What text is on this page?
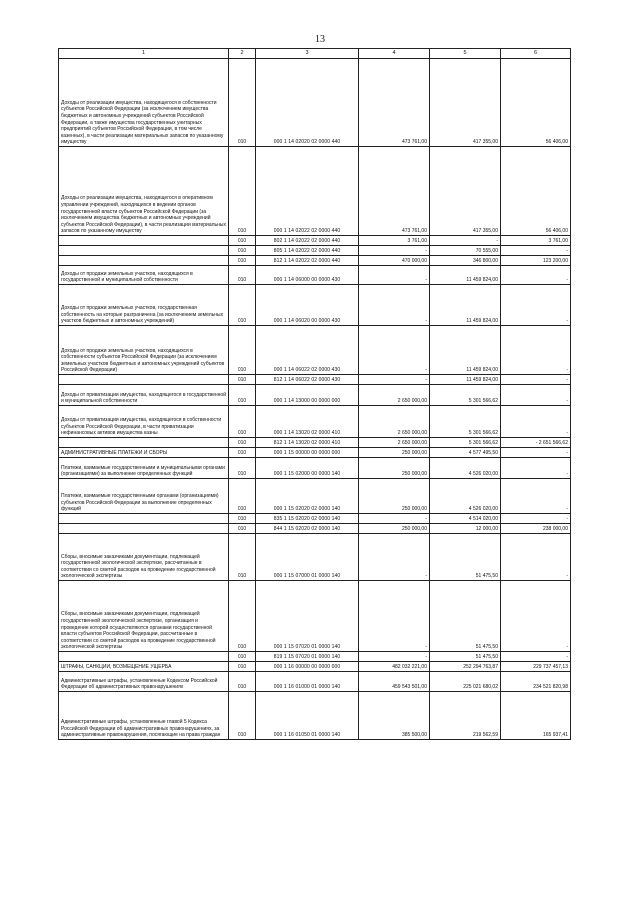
13
1	2	3	4	5	6
Доходы от реализации имущества, находящегося в собственности субъектов Российской Федерации (за исключением имущества бюджетных и автономных учреждений субъектов Российской Федерации, а также имущества государственных унитарных предприятий субъектов Российской Федерации, в том числе казенных), в части реализации материальных запасов по указанному имуществу	010	000 1 14 02020 02 0000 440	473 761,00	417 355,00	56 406,00
Доходы от реализации имущества, находящегося в оперативном управлении учреждений, находящихся в ведении органов государственной власти субъектов Российской Федерации (за исключением имущества бюджетных и автономных учреждений субъектов Российской Федерации), в части реализации материальных запасов по указанному имуществу	010	000 1 14 02022 02 0000 440	473 761,00	417 355,00	56 406,00
	010	802 1 14 02022 02 0000 440	3 761,00	-	3 761,00
	010	805 1 14 02022 02 0000 440	-	70 555,00	-
	010	812 1 14 02022 02 0000 440	470 000,00	346 800,00	123 200,00
Доходы от продажи земельных участков, находящихся в государственной и муниципальной собственности	010	000 1 14 06000 00 0000 430	-	11 459 824,00	-
Доходы от продажи земельных участков, государственная собственность на которые разграничена (за исключением земельных участков бюджетных и автономных учреждений)	010	000 1 14 06020 00 0000 430	-	11 459 824,00	-
Доходы от продажи земельных участков, находящихся в собственности субъектов Российской Федерации (за исключением земельных участков бюджетных и автономных учреждений субъектов Российской Федерации)	010	000 1 14 06022 02 0000 430	-	11 459 824,00	-
	010	812 1 14 06022 02 0000 430	-	11 459 824,00	-
Доходы от приватизации имущества, находящегося в государственной и муниципальной собственности	010	000 1 14 13000 00 0000 000	2 650 000,00	5 301 566,62	-
Доходы от приватизации имущества, находящегося в собственности субъектов Российской Федерации, в части приватизации нефинансовых активов имущества казны	010	000 1 14 13020 02 0000 410	2 650 000,00	5 301 566,62	-
	010	812 1 14 13020 02 0000 410	2 650 000,00	5 301 566,62	- 2 651 566,62
АДМИНИСТРАТИВНЫЕ ПЛАТЕЖИ И СБОРЫ	010	000 1 15 00000 00 0000 000	250 000,00	4 577 495,50	-
Платежи, взимаемые государственными и муниципальными органами (организациями) за выполнение определенных функций	010	000 1 15 02000 00 0000 140	250 000,00	4 526 020,00	-
Платежи, взимаемые государственными органами (организациями) субъектов Российской Федерации за выполнение определенных функций	010	000 1 15 02020 02 0000 140	250 000,00	4 526 020,00	-
	010	835 1 15 02020 02 0000 140	-	4 514 020,00	-
	010	844 1 15 02020 02 0000 140	250 000,00	12 000,00	238 000,00
Сборы, вносимые заказчиками документации, подлежащей государственной экологической экспертизе, рассчитанные в соответствии со сметой расходов на проведение государственной экологической экспертизы	010	000 1 15 07000 01 0000 140	-	51 475,50	-
Сборы, вносимые заказчиками документации, подлежащей государственной экологической экспертизе, организация и проведение которой осуществляются органами государственной власти субъектов Российской Федерации, рассчитанные в соответствии со сметой расходов на проведение государственной экологической экспертизы	010	000 1 15 07020 01 0000 140	-	51 475,50	-
	010	819 1 15 07020 01 0000 140	-	51 475,50	-
ШТРАФЫ, САНКЦИИ, ВОЗМЕЩЕНИЕ УЩЕРБА	010	000 1 16 00000 00 0000 000	482 032 221,00	252 294 763,87	229 737 457,13
Административные штрафы, установленные Кодексом Российской Федерации об административных правонарушениях	010	000 1 16 01000 01 0000 140	459 543 501,00	225 021 680,02	234 521 820,98
Административные штрафы, установленные главой 5 Кодекса Российской Федерации об административных правонарушениях, за административные правонарушения, посягающие на права граждан	010	000 1 16 01050 01 0000 140	385 500,00	219 562,59	165 937,41
